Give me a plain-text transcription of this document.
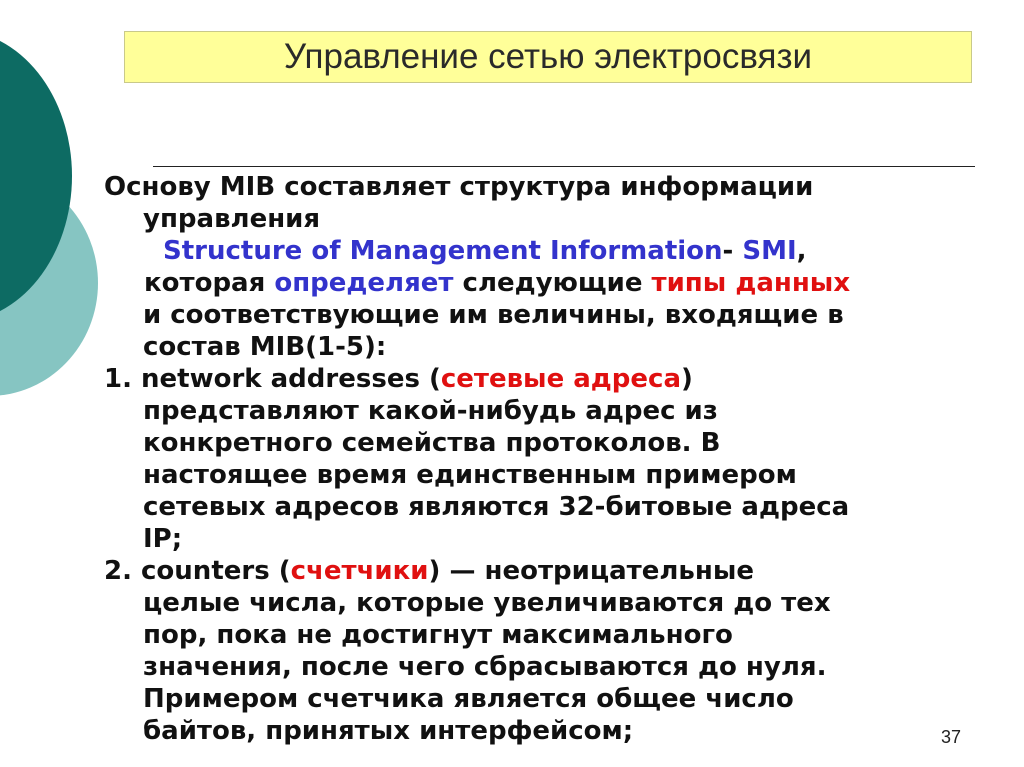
Управление сетью электросвязи

Основу MIB составляет структура информации

управления

Structure of Management Information- SMI,

которая определяет следующие типы данных

и соответствующие им величины, входящие в

состав MIB(1-5):

1. network addresses (сетевые адреса)

представляют какой-нибудь адрес из

конкретного семейства протоколов. В

настоящее время единственным примером

сетевых адресов являются 32-битовые адреса

IP;

2. counters (счетчики) — неотрицательные

целые числа, которые увеличиваются до тех

пор, пока не достигнут максимального

значения, после чего сбрасываются до нуля.

Примером счетчика является общее число

байтов, принятых интерфейсом;	37
